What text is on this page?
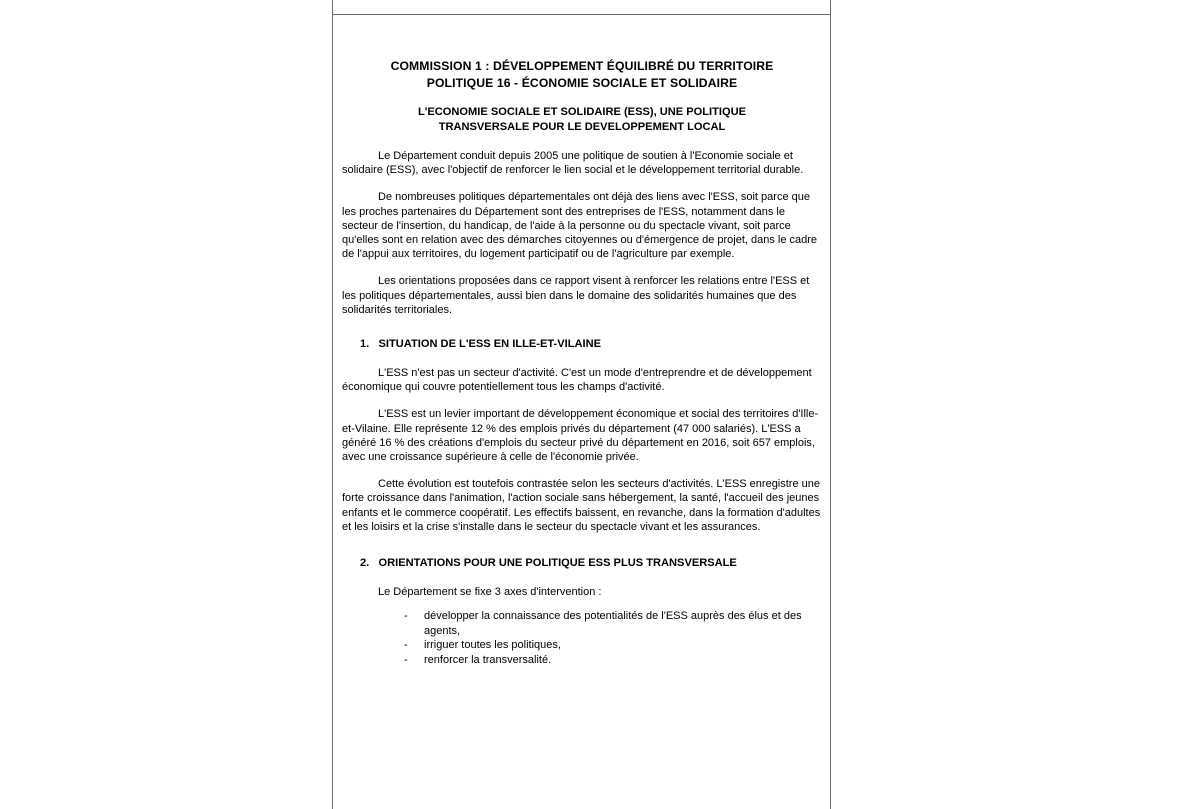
COMMISSION 1 : DÉVELOPPEMENT ÉQUILIBRÉ DU TERRITOIRE
POLITIQUE 16 - ÉCONOMIE SOCIALE ET SOLIDAIRE
L'ECONOMIE SOCIALE ET SOLIDAIRE (ESS), UNE POLITIQUE
TRANSVERSALE POUR LE DEVELOPPEMENT LOCAL

Le Département conduit depuis 2005 une politique de soutien à l'Economie sociale et solidaire (ESS), avec l'objectif de renforcer le lien social et le développement territorial durable.

De nombreuses politiques départementales ont déjà des liens avec l'ESS, soit parce que les proches partenaires du Département sont des entreprises de l'ESS, notamment dans le secteur de l'insertion, du handicap, de l'aide à la personne ou du spectacle vivant, soit parce qu'elles sont en relation avec des démarches citoyennes ou d'émergence de projet, dans le cadre de l'appui aux territoires, du logement participatif ou de l'agriculture par exemple.

Les orientations proposées dans ce rapport visent à renforcer les relations entre l'ESS et les politiques départementales, aussi bien dans le domaine des solidarités humaines que des solidarités territoriales.

1. SITUATION DE L'ESS EN ILLE-ET-VILAINE

L'ESS n'est pas un secteur d'activité. C'est un mode d'entreprendre et de développement économique qui couvre potentiellement tous les champs d'activité.

L'ESS est un levier important de développement économique et social des territoires d'Ille-et-Vilaine. Elle représente 12 % des emplois privés du département (47 000 salariés). L'ESS a généré 16 % des créations d'emplois du secteur privé du département en 2016, soit 657 emplois, avec une croissance supérieure à celle de l'économie privée.

Cette évolution est toutefois contrastée selon les secteurs d'activités. L'ESS enregistre une forte croissance dans l'animation, l'action sociale sans hébergement, la santé, l'accueil des jeunes enfants et le commerce coopératif. Les effectifs baissent, en revanche, dans la formation d'adultes et les loisirs et la crise s'installe dans le secteur du spectacle vivant et les assurances.

2. ORIENTATIONS POUR UNE POLITIQUE ESS PLUS TRANSVERSALE

Le Département se fixe 3 axes d'intervention :

- développer la connaissance des potentialités de l'ESS auprès des élus et des agents,
- irriguer toutes les politiques,
- renforcer la transversalité.
